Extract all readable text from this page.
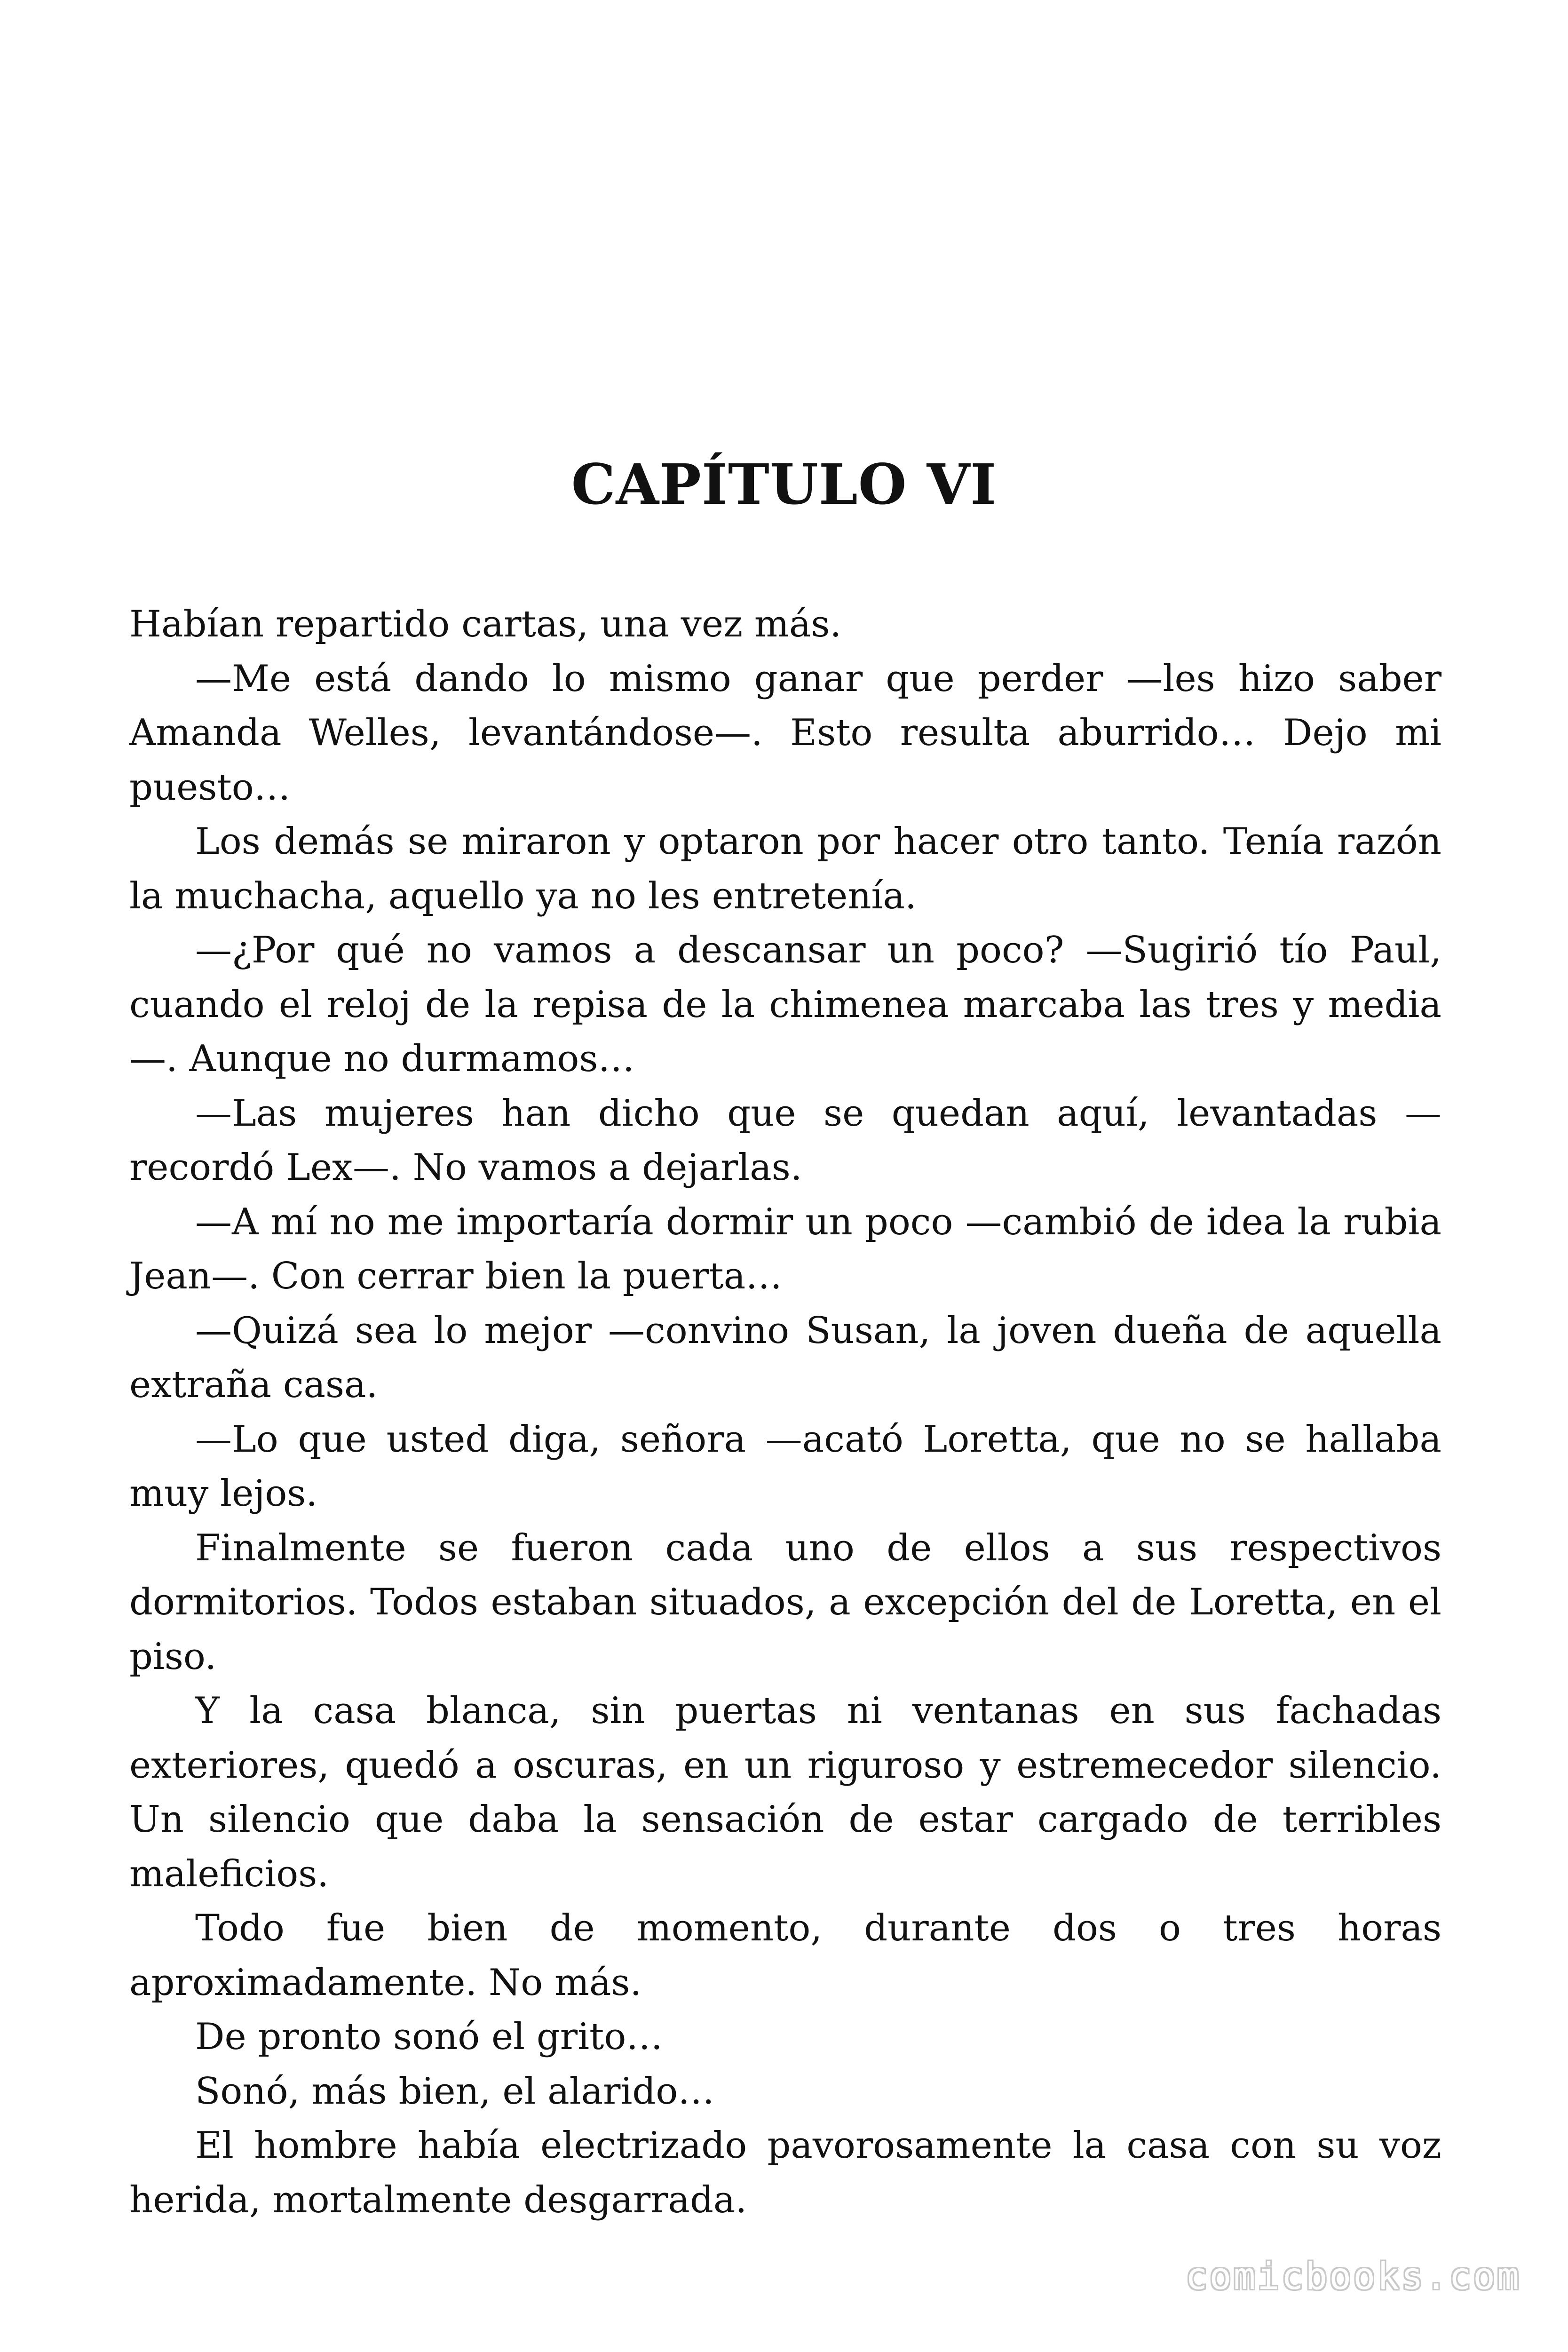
CAPÍTULO VI

Habían repartido cartas, una vez más.

—Me está dando lo mismo ganar que perder —les hizo saber Amanda Welles, levantándose—. Esto resulta aburrido… Dejo mi puesto…

Los demás se miraron y optaron por hacer otro tanto. Tenía razón la muchacha, aquello ya no les entretenía.

—¿Por qué no vamos a descansar un poco? —Sugirió tío Paul, cuando el reloj de la repisa de la chimenea marcaba las tres y media —. Aunque no durmamos…

—Las mujeres han dicho que se quedan aquí, levantadas — recordó Lex—. No vamos a dejarlas.

—A mí no me importaría dormir un poco —cambió de idea la rubia Jean—. Con cerrar bien la puerta…

—Quizá sea lo mejor —convino Susan, la joven dueña de aquella extraña casa.

—Lo que usted diga, señora —acató Loretta, que no se hallaba muy lejos.

Finalmente se fueron cada uno de ellos a sus respectivos dormitorios. Todos estaban situados, a excepción del de Loretta, en el piso.

Y la casa blanca, sin puertas ni ventanas en sus fachadas exteriores, quedó a oscuras, en un riguroso y estremecedor silencio. Un silencio que daba la sensación de estar cargado de terribles maleficios.

Todo fue bien de momento, durante dos o tres horas aproximadamente. No más.

De pronto sonó el grito…

Sonó, más bien, el alarido…

El hombre había electrizado pavorosamente la casa con su voz herida, mortalmente desgarrada.

comicbooks.com
